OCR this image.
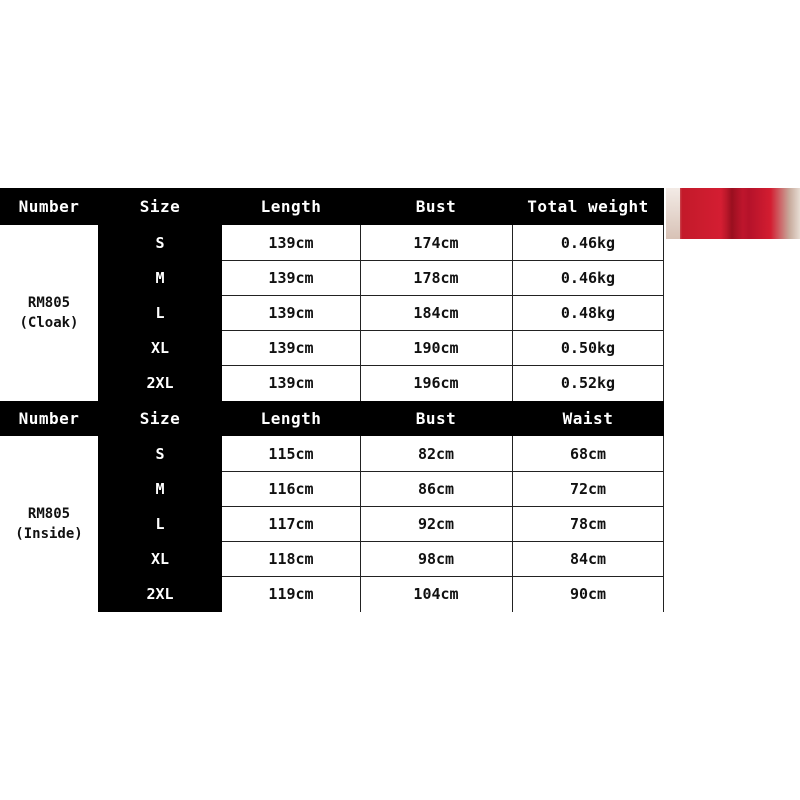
Number	Size	Length	Bust	Total weight
RM805
(Cloak)
S	139cm	174cm	0.46kg
M	139cm	178cm	0.46kg
L	139cm	184cm	0.48kg
XL	139cm	190cm	0.50kg
2XL	139cm	196cm	0.52kg
Number	Size	Length	Bust	Waist
RM805
(Inside)
S	115cm	82cm	68cm
M	116cm	86cm	72cm
L	117cm	92cm	78cm
XL	118cm	98cm	84cm
2XL	119cm	104cm	90cm
